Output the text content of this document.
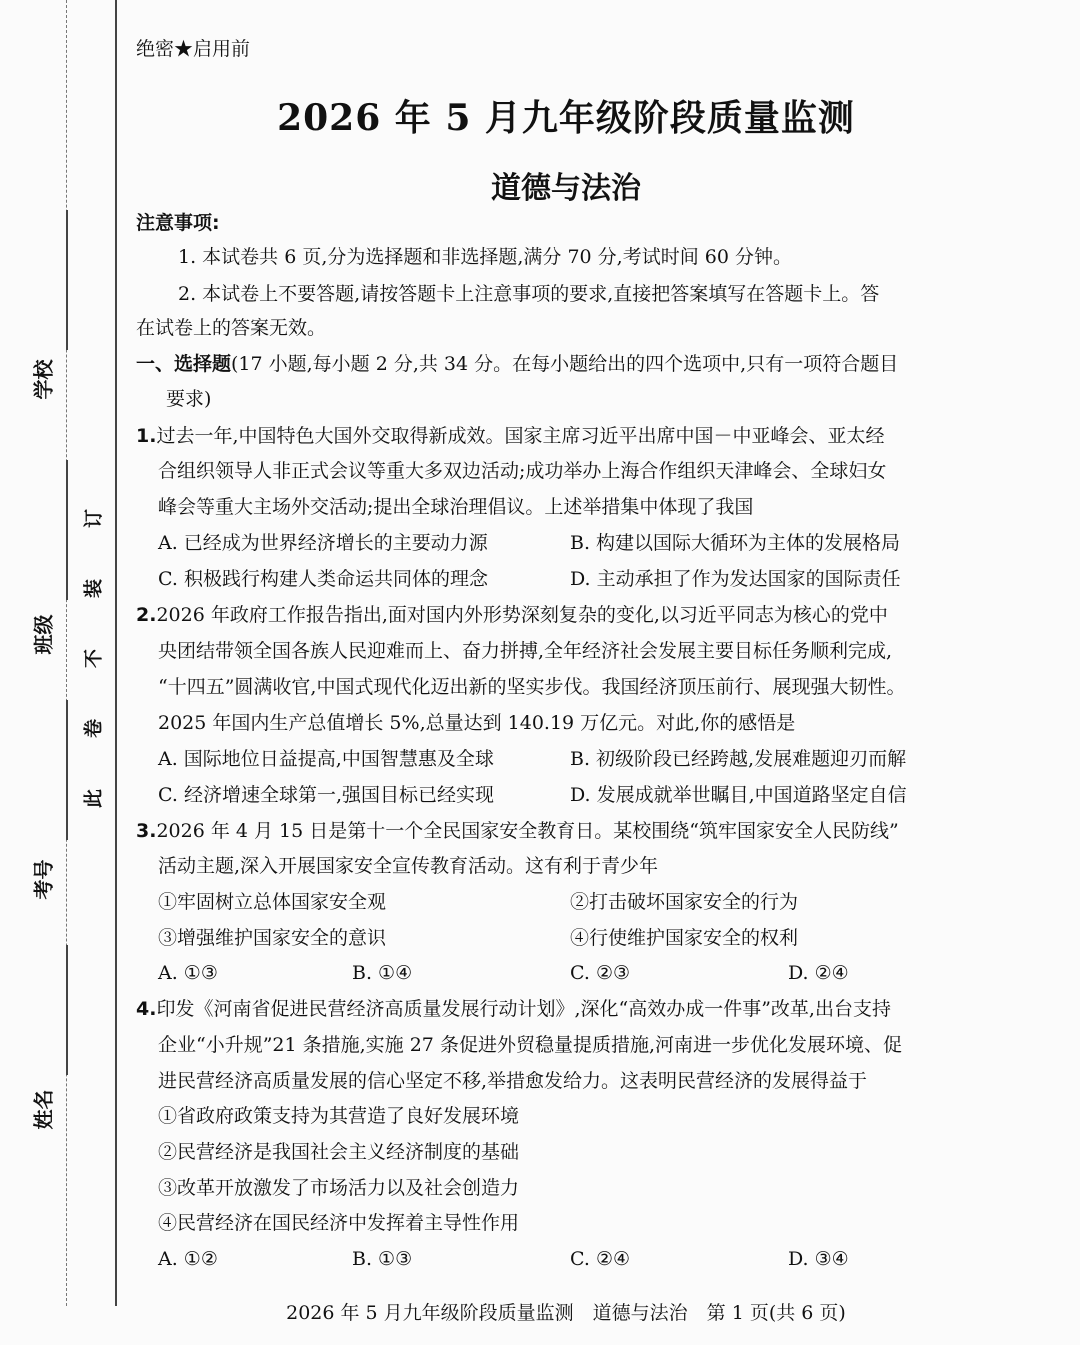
学校
班级
考号
姓名
此
卷
不
装
订
绝密★启用前
2026 年 5 月九年级阶段质量监测
道德与法治
注意事项:
1. 本试卷共 6 页,分为选择题和非选择题,满分 70 分,考试时间 60 分钟。
2. 本试卷上不要答题,请按答题卡上注意事项的要求,直接把答案填写在答题卡上。答
在试卷上的答案无效。
一、选择题(17 小题,每小题 2 分,共 34 分。在每小题给出的四个选项中,只有一项符合题目
要求)
1.过去一年,中国特色大国外交取得新成效。国家主席习近平出席中国－中亚峰会、亚太经
合组织领导人非正式会议等重大多双边活动;成功举办上海合作组织天津峰会、全球妇女
峰会等重大主场外交活动;提出全球治理倡议。上述举措集中体现了我国
A. 已经成为世界经济增长的主要动力源	B. 构建以国际大循环为主体的发展格局
C. 积极践行构建人类命运共同体的理念	D. 主动承担了作为发达国家的国际责任
2.2026 年政府工作报告指出,面对国内外形势深刻复杂的变化,以习近平同志为核心的党中
央团结带领全国各族人民迎难而上、奋力拼搏,全年经济社会发展主要目标任务顺利完成,
“十四五”圆满收官,中国式现代化迈出新的坚实步伐。我国经济顶压前行、展现强大韧性。
2025 年国内生产总值增长 5%,总量达到 140.19 万亿元。对此,你的感悟是
A. 国际地位日益提高,中国智慧惠及全球	B. 初级阶段已经跨越,发展难题迎刃而解
C. 经济增速全球第一,强国目标已经实现	D. 发展成就举世瞩目,中国道路坚定自信
3.2026 年 4 月 15 日是第十一个全民国家安全教育日。某校围绕“筑牢国家安全人民防线”
活动主题,深入开展国家安全宣传教育活动。这有利于青少年
①牢固树立总体国家安全观	②打击破坏国家安全的行为
③增强维护国家安全的意识	④行使维护国家安全的权利
A. ①③	B. ①④	C. ②③	D. ②④
4.印发《河南省促进民营经济高质量发展行动计划》,深化“高效办成一件事”改革,出台支持
企业“小升规”21 条措施,实施 27 条促进外贸稳量提质措施,河南进一步优化发展环境、促
进民营经济高质量发展的信心坚定不移,举措愈发给力。这表明民营经济的发展得益于
①省政府政策支持为其营造了良好发展环境
②民营经济是我国社会主义经济制度的基础
③改革开放激发了市场活力以及社会创造力
④民营经济在国民经济中发挥着主导性作用
A. ①②	B. ①③	C. ②④	D. ③④
2026 年 5 月九年级阶段质量监测　道德与法治　第 1 页(共 6 页)
